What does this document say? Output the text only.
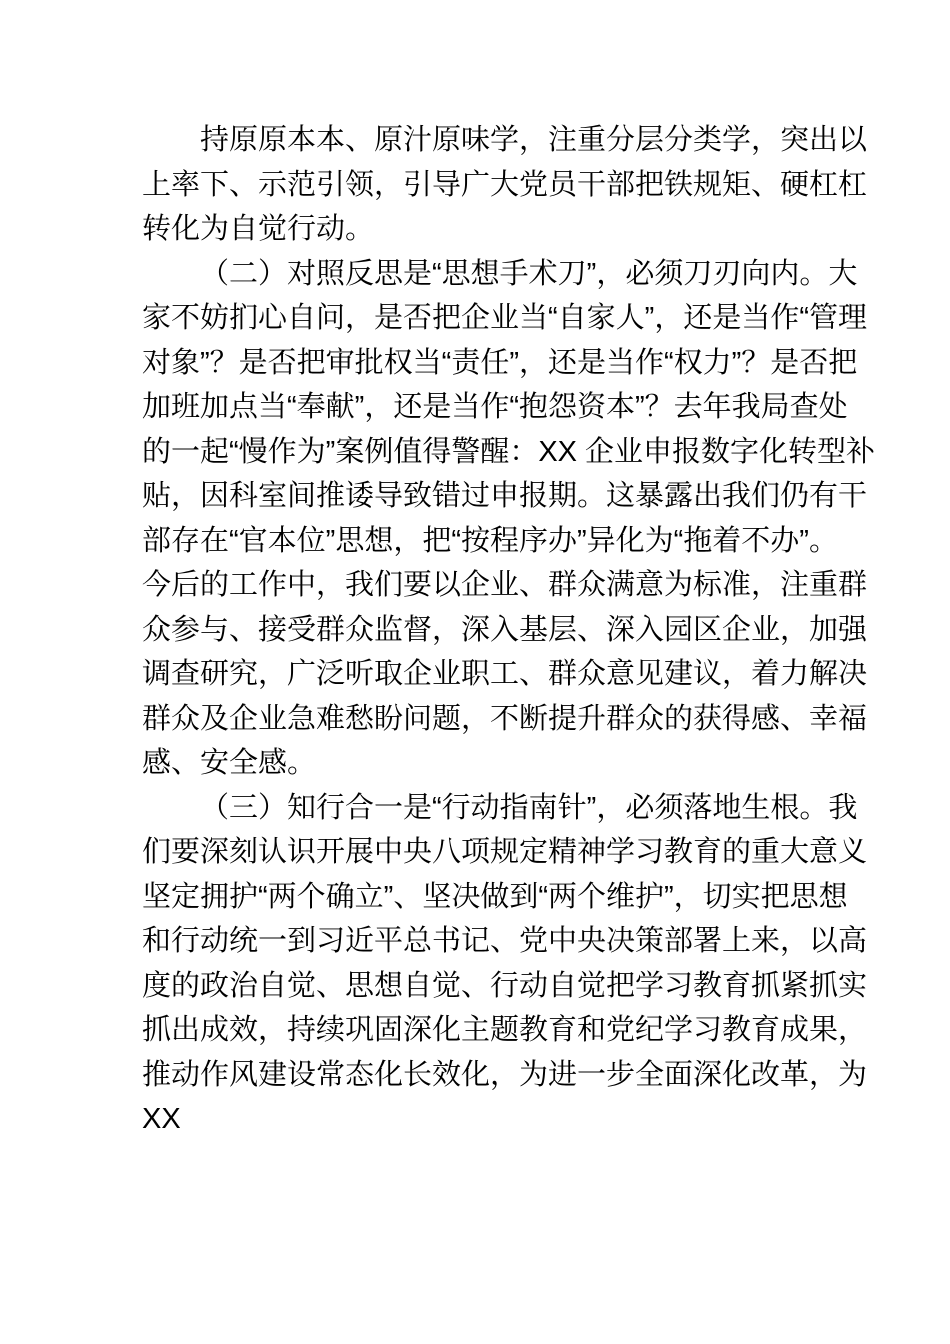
持原原本本、原汁原味学，注重分层分类学，突出以
上率下、示范引领，引导广大党员干部把铁规矩、硬杠杠
转化为自觉行动。
（二）对照反思是“思想手术刀”，必须刀刃向内。大
家不妨扪心自问，是否把企业当“自家人”，还是当作“管理
对象”？是否把审批权当“责任”，还是当作“权力”？是否把
加班加点当“奉献”，还是当作“抱怨资本”？去年我局查处
的一起“慢作为”案例值得警醒：XX 企业申报数字化转型补
贴，因科室间推诿导致错过申报期。这暴露出我们仍有干
部存在“官本位”思想，把“按程序办”异化为“拖着不办”。
今后的工作中，我们要以企业、群众满意为标准，注重群
众参与、接受群众监督，深入基层、深入园区企业，加强
调查研究，广泛听取企业职工、群众意见建议，着力解决
群众及企业急难愁盼问题，不断提升群众的获得感、幸福
感、安全感。
（三）知行合一是“行动指南针”，必须落地生根。我
们要深刻认识开展中央八项规定精神学习教育的重大意义
坚定拥护“两个确立”、坚决做到“两个维护”，切实把思想
和行动统一到习近平总书记、党中央决策部署上来，以高
度的政治自觉、思想自觉、行动自觉把学习教育抓紧抓实
抓出成效，持续巩固深化主题教育和党纪学习教育成果，
推动作风建设常态化长效化，为进一步全面深化改革，为
XX
